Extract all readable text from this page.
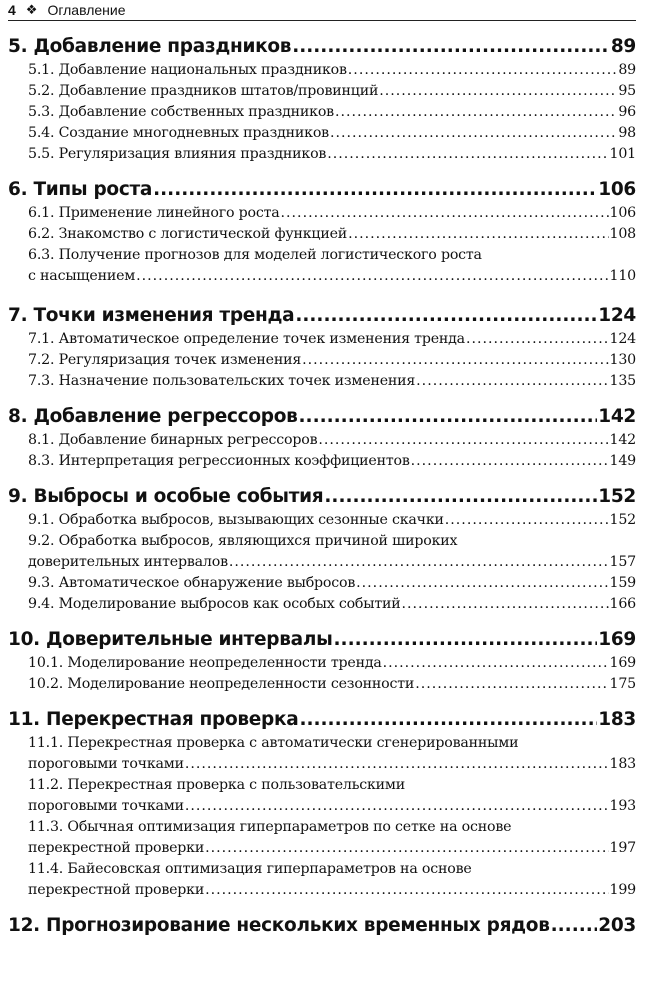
4 ❖ Оглавление
5. Добавление праздников .....	89
5.1. Добавление национальных праздников .....	89
5.2. Добавление праздников штатов/провинций .....	95
5.3. Добавление собственных праздников .....	96
5.4. Создание многодневных праздников .....	98
5.5. Регуляризация влияния праздников .....	101
6. Типы роста .....	106
6.1. Применение линейного роста .....	106
6.2. Знакомство с логистической функцией .....	108
6.3. Получение прогнозов для моделей логистического роста
с насыщением .....	110
7. Точки изменения тренда .....	124
7.1. Автоматическое определение точек изменения тренда .....	124
7.2. Регуляризация точек изменения .....	130
7.3. Назначение пользовательских точек изменения .....	135
8. Добавление регрессоров .....	142
8.1. Добавление бинарных регрессоров .....	142
8.3. Интерпретация регрессионных коэффициентов .....	149
9. Выбросы и особые события .....	152
9.1. Обработка выбросов, вызывающих сезонные скачки .....	152
9.2. Обработка выбросов, являющихся причиной широких
доверительных интервалов .....	157
9.3. Автоматическое обнаружение выбросов .....	159
9.4. Моделирование выбросов как особых событий .....	166
10. Доверительные интервалы .....	169
10.1. Моделирование неопределенности тренда .....	169
10.2. Моделирование неопределенности сезонности .....	175
11. Перекрестная проверка .....	183
11.1. Перекрестная проверка с автоматически сгенерированными
пороговыми точками .....	183
11.2. Перекрестная проверка с пользовательскими
пороговыми точками .....	193
11.3. Обычная оптимизация гиперпараметров по сетке на основе
перекрестной проверки .....	197
11.4. Байесовская оптимизация гиперпараметров на основе
перекрестной проверки .....	199
12. Прогнозирование нескольких временных рядов .....	203
